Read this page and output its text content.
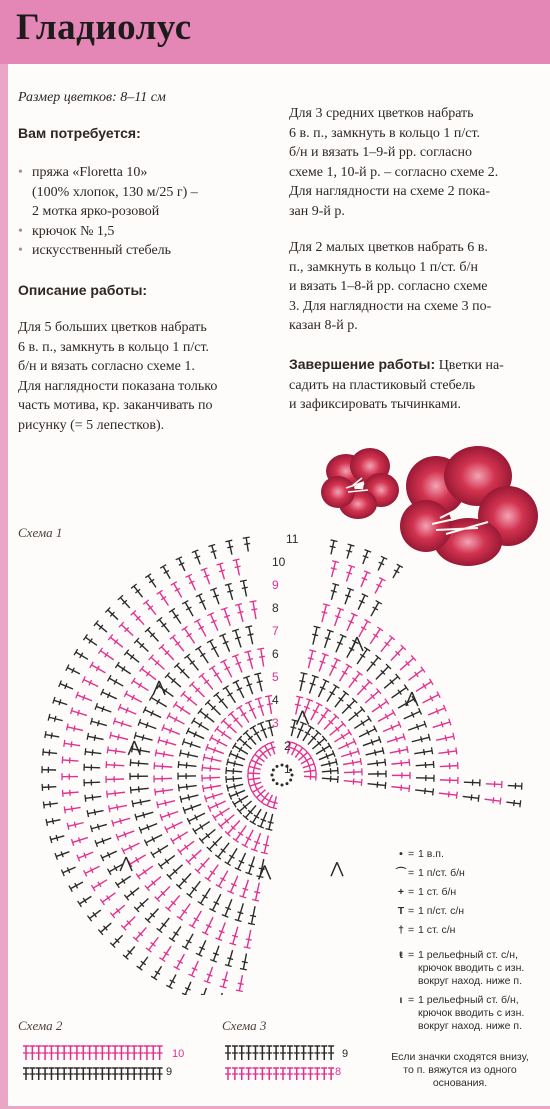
Гладиолус
Размер цветков: 8–11 см
Вам потребуется:
• пряжа «Floretta 10»
(100% хлопок, 130 м/25 г) –
2 мотка ярко-розовой
• крючок № 1,5
• искусственный стебель
Описание работы:
Для 5 больших цветков набрать
6 в. п., замкнуть в кольцо 1 п/ст.
б/н и вязать согласно схеме 1.
Для наглядности показана только
часть мотива, кр. заканчивать по
рисунку (= 5 лепестков).
Для 3 средних цветков набрать
6 в. п., замкнуть в кольцо 1 п/ст.
б/н и вязать 1–9-й рр. согласно
схеме 1, 10-й р. – согласно схеме 2.
Для наглядности на схеме 2 пока-
зан 9-й р.
Для 2 малых цветков набрать 6 в.
п., замкнуть в кольцо 1 п/ст. б/н
и вязать 1–8-й рр. согласно схеме
3. Для наглядности на схеме 3 по-
казан 8-й р.
Завершение работы: Цветки на-
садить на пластиковый стебель
и зафиксировать тычинками.
Схема 1
Схема 2	Схема 3
11
10
9
8
7
6
5
4
3
2
1
10
9
9
8
• = 1 в.п.
⌒ = 1 п/ст. б/н
+ = 1 ст. б/н
T = 1 п/ст. с/н
† = 1 ст. с/н
ŧ = 1 рельефный ст. с/н,
крючок вводить с изн.
вокруг наход. ниже п.
ι = 1 рельефный ст. б/н,
крючок вводить с изн.
вокруг наход. ниже п.
Если значки сходятся внизу,
то п. вяжутся из одного
основания.
